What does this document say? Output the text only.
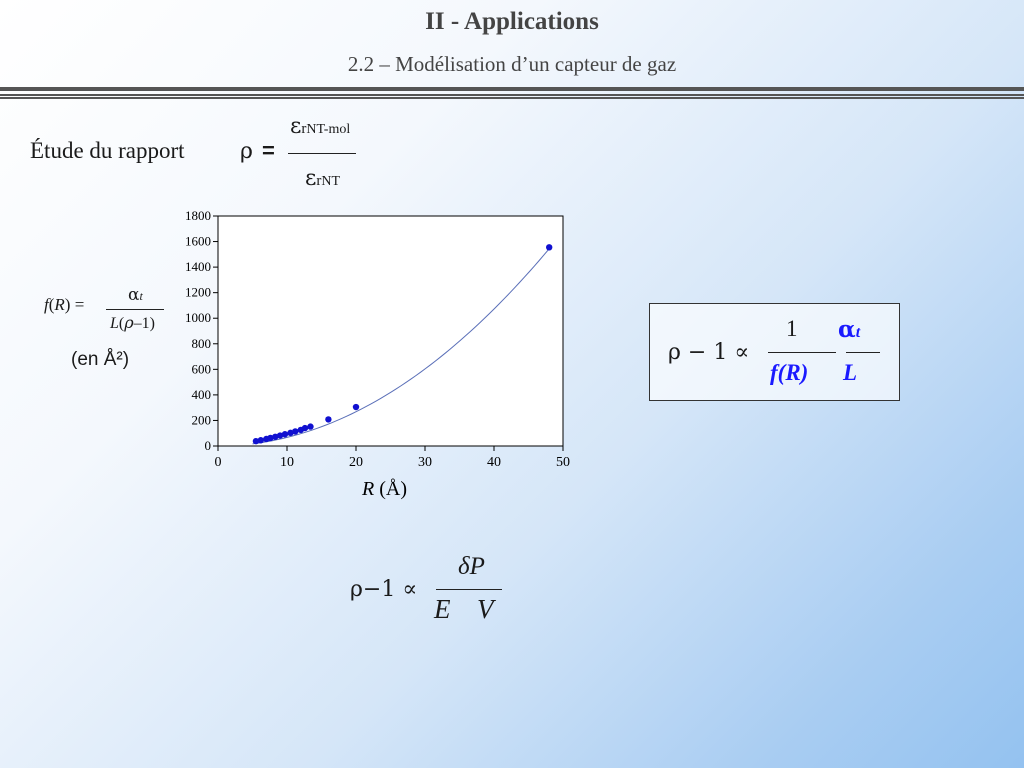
II - Applications
2.2 – Modélisation d’un capteur de gaz
Étude du rapport	ρ =
εrNT-mol
εrNT
f(R) =	αt
L(ρ–1)
(en Å²)
0
200
400
600
800
1000
1200
1400
1600
1800
0	10	20	30	40	50
R (Å)
ρ − 1 ∝
1
f(R)
αt
L
ρ−1 ∝
δP
E V
